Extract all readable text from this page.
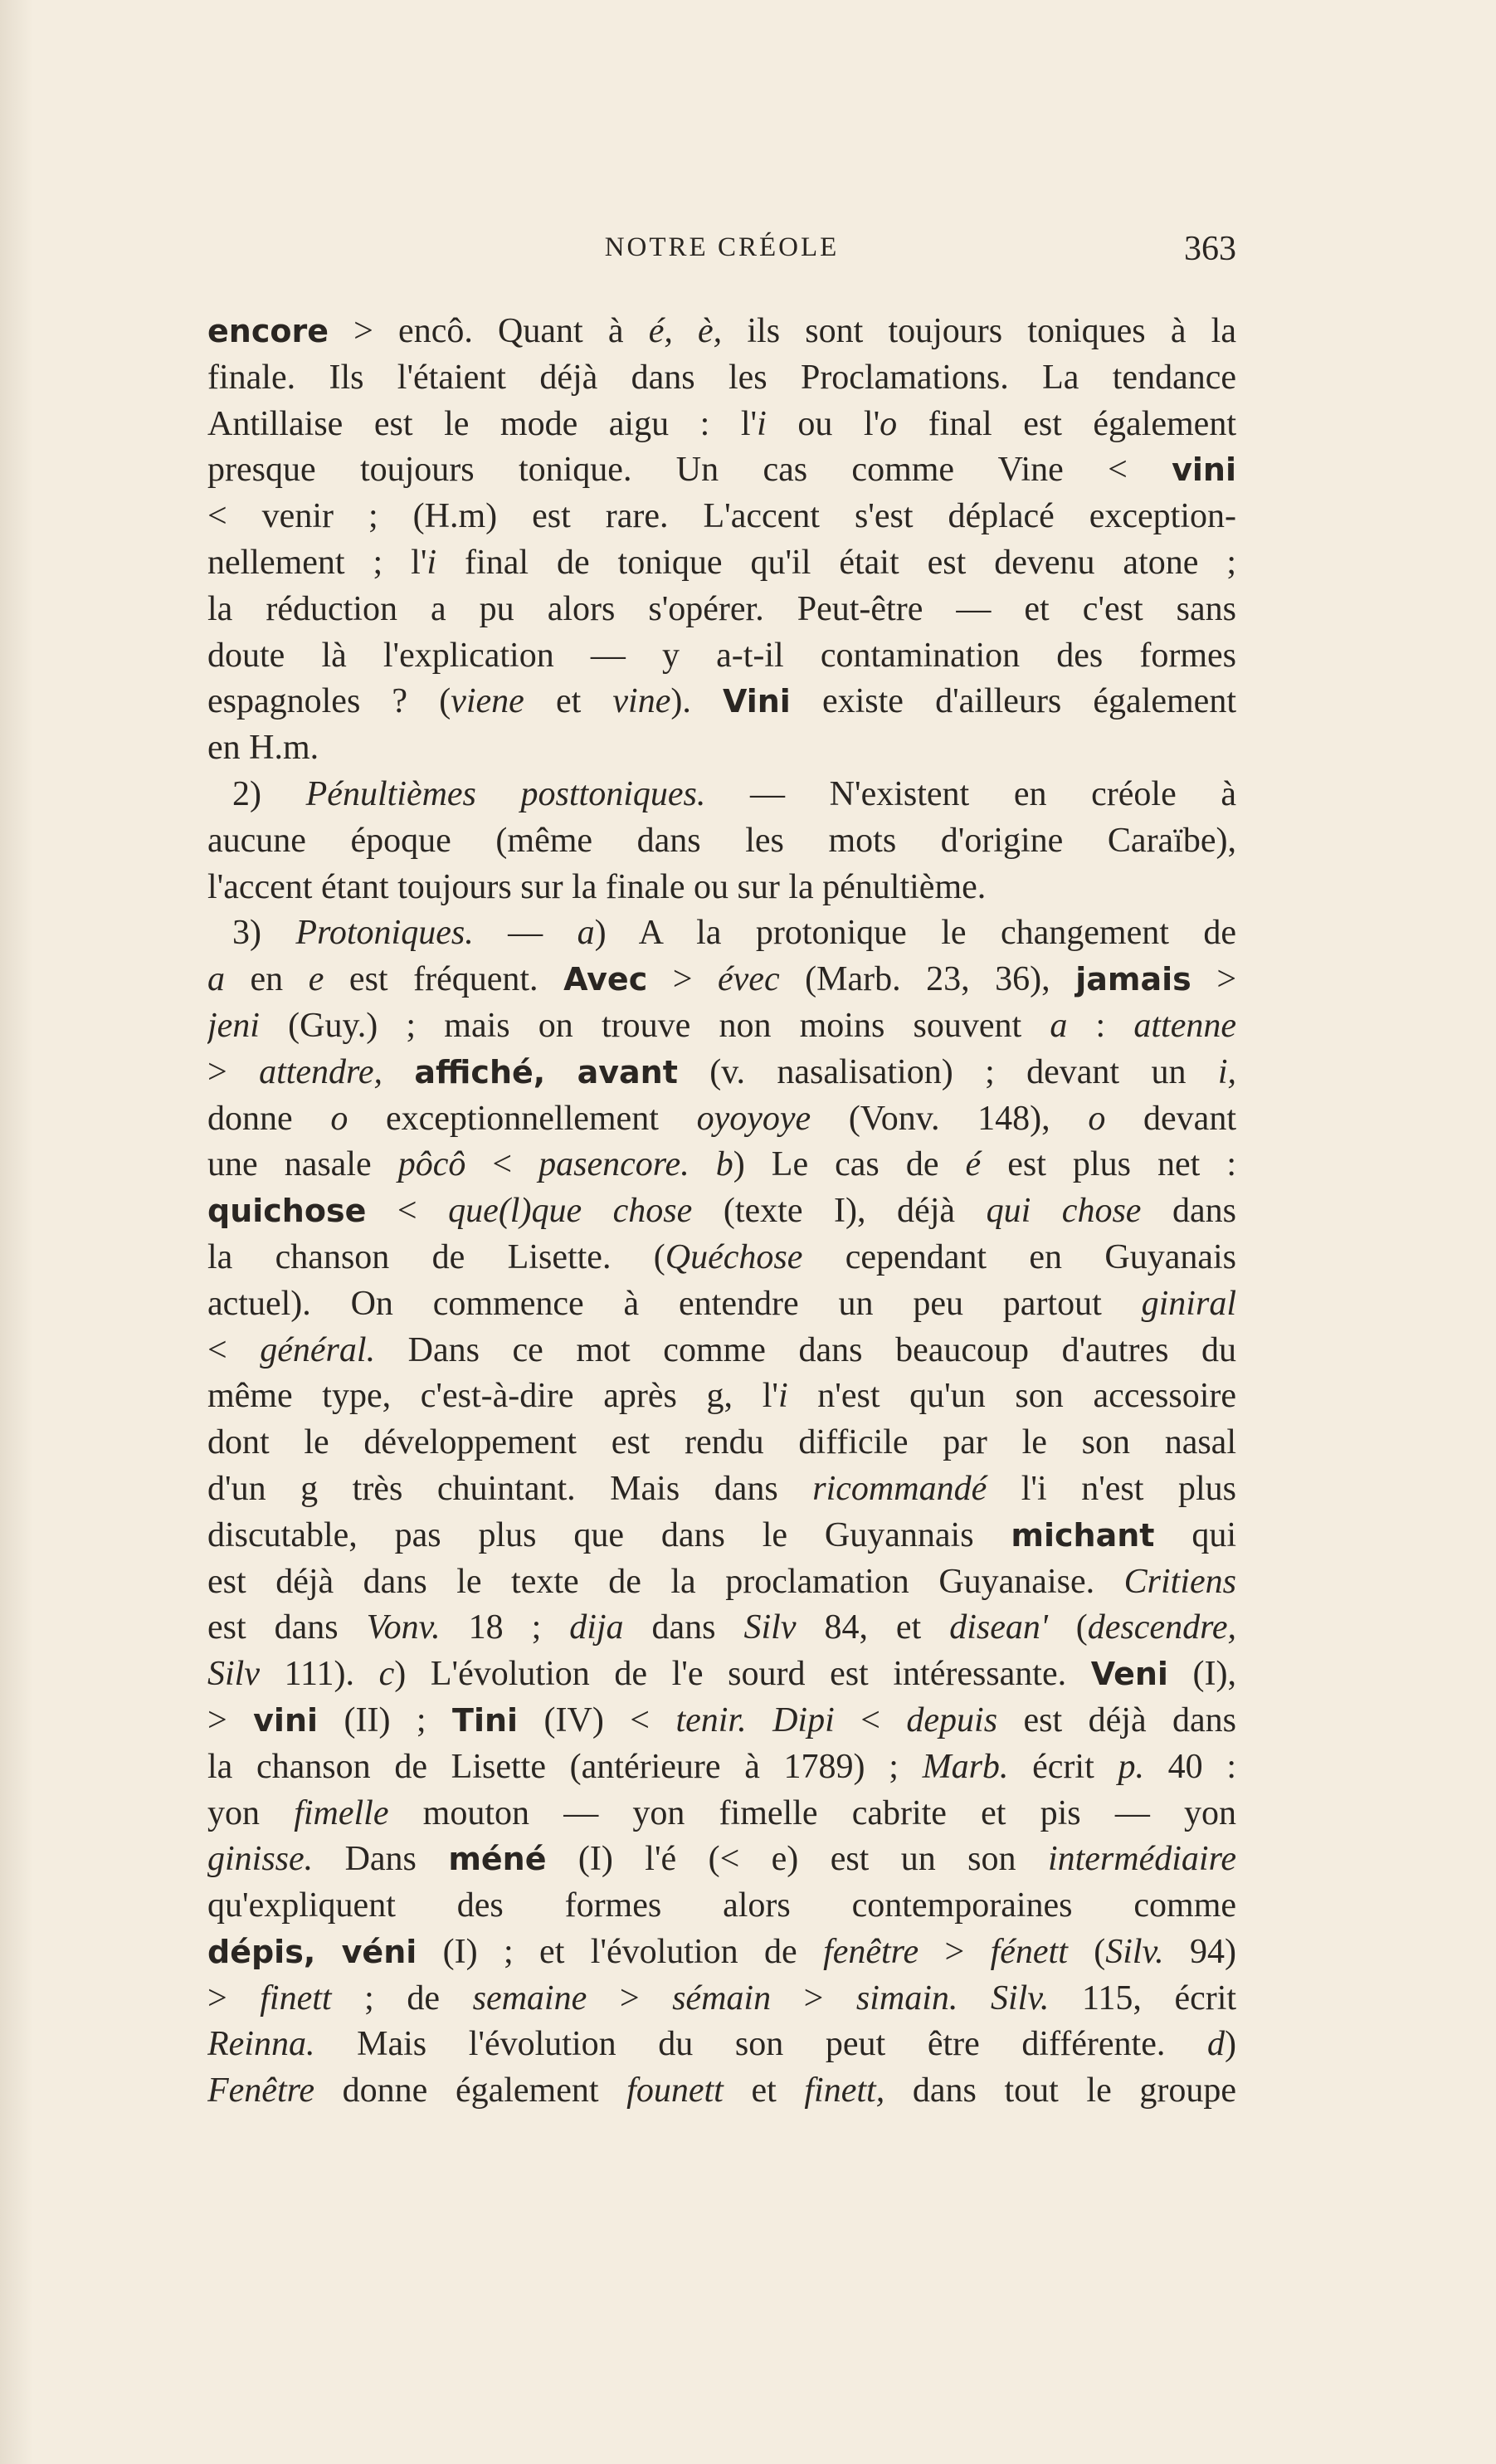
NOTRE CRÉOLE	363
encore > encô. Quant à é, è, ils sont toujours toniques à la
finale. Ils l'étaient déjà dans les Proclamations. La tendance
Antillaise est le mode aigu : l'i ou l'o final est également
presque toujours tonique. Un cas comme Vine < vini
< venir ; (H.m) est rare. L'accent s'est déplacé exception-
nellement ; l'i final de tonique qu'il était est devenu atone ;
la réduction a pu alors s'opérer. Peut-être — et c'est sans
doute là l'explication — y a-t-il contamination des formes
espagnoles ? (viene et vine). Vini existe d'ailleurs également
en H.m.
2) Pénultièmes posttoniques. — N'existent en créole à
aucune époque (même dans les mots d'origine Caraïbe),
l'accent étant toujours sur la finale ou sur la pénultième.
3) Protoniques. — a) A la protonique le changement de
a en e est fréquent. Avec > évec (Marb. 23, 36), jamais >
jeni (Guy.) ; mais on trouve non moins souvent a : attenne
> attendre, affiché, avant (v. nasalisation) ; devant un i,
donne o exceptionnellement oyoyoye (Vonv. 148), o devant
une nasale pôcô < pasencore. b) Le cas de é est plus net :
quichose < que(l)que chose (texte I), déjà qui chose dans
la chanson de Lisette. (Quéchose cependant en Guyanais
actuel). On commence à entendre un peu partout giniral
< général. Dans ce mot comme dans beaucoup d'autres du
même type, c'est-à-dire après g, l'i n'est qu'un son accessoire
dont le développement est rendu difficile par le son nasal
d'un g très chuintant. Mais dans ricommandé l'i n'est plus
discutable, pas plus que dans le Guyannais michant qui
est déjà dans le texte de la proclamation Guyanaise. Critiens
est dans Vonv. 18 ; dija dans Silv 84, et disean' (descendre,
Silv 111). c) L'évolution de l'e sourd est intéressante. Veni (I),
> vini (II) ; Tini (IV) < tenir. Dipi < depuis est déjà dans
la chanson de Lisette (antérieure à 1789) ; Marb. écrit p. 40 :
yon fimelle mouton — yon fimelle cabrite et pis — yon
ginisse. Dans méné (I) l'é (< e) est un son intermédiaire
qu'expliquent des formes alors contemporaines comme
dépis, véni (I) ; et l'évolution de fenêtre > fénett (Silv. 94)
> finett ; de semaine > sémain > simain. Silv. 115, écrit
Reinna. Mais l'évolution du son peut être différente. d)
Fenêtre donne également founett et finett, dans tout le groupe
